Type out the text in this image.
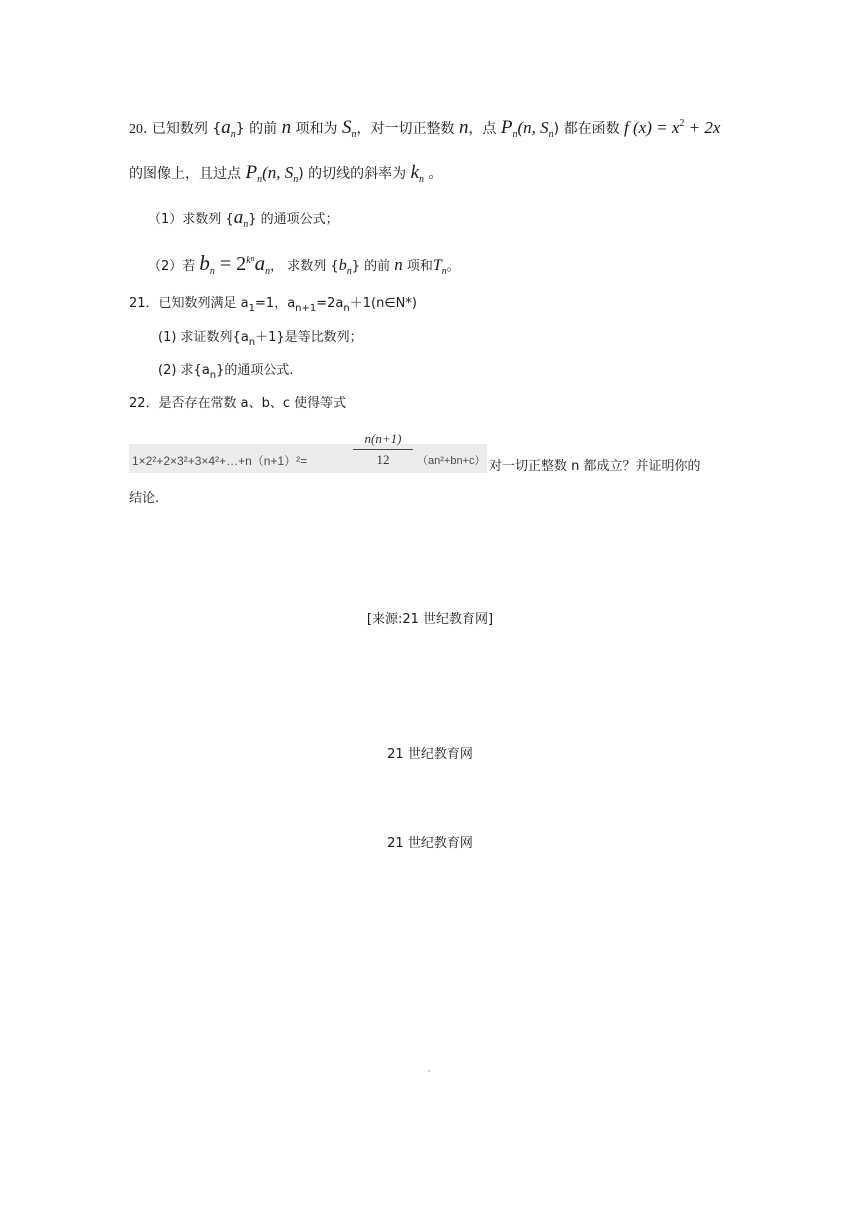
20. 已知数列 $\{a_n\}$ 的前 n 项和为 $S_n$，对一切正整数 n，点 $P_n(n$, $S_n$) 都在函数 f $(x) = x^2 + 2x$
的图像上，且过点 $P_n(n$, $S_n$) 的切线的斜率为 $k_n$ 。
（1）求数列 $\{a_n\}$ 的通项公式；
（2）若 $b_n = 2^{kn}a_n$， 求数列 $\{b_n\}$ 的前 n 项和$T_n$。
21．已知数列满足 $a_1=1$，$a_{n+1}=2a_n+1(n\in N*)$
(1) 求证数列$\{a_n+1\}$是等比数列；
(2) 求$\{a_n\}$的通项公式.
22．是否存在常数 a、b、c 使得等式
1×2²+2×3²+3×4²+…+n（n+1）²=	$\frac{n(n+1)}{12} (an^2+bn+c)$ 对一切正整数 n 都成立？并证明你的
结论.
[来源:21 世纪教育网]
21 世纪教育网
21 世纪教育网
